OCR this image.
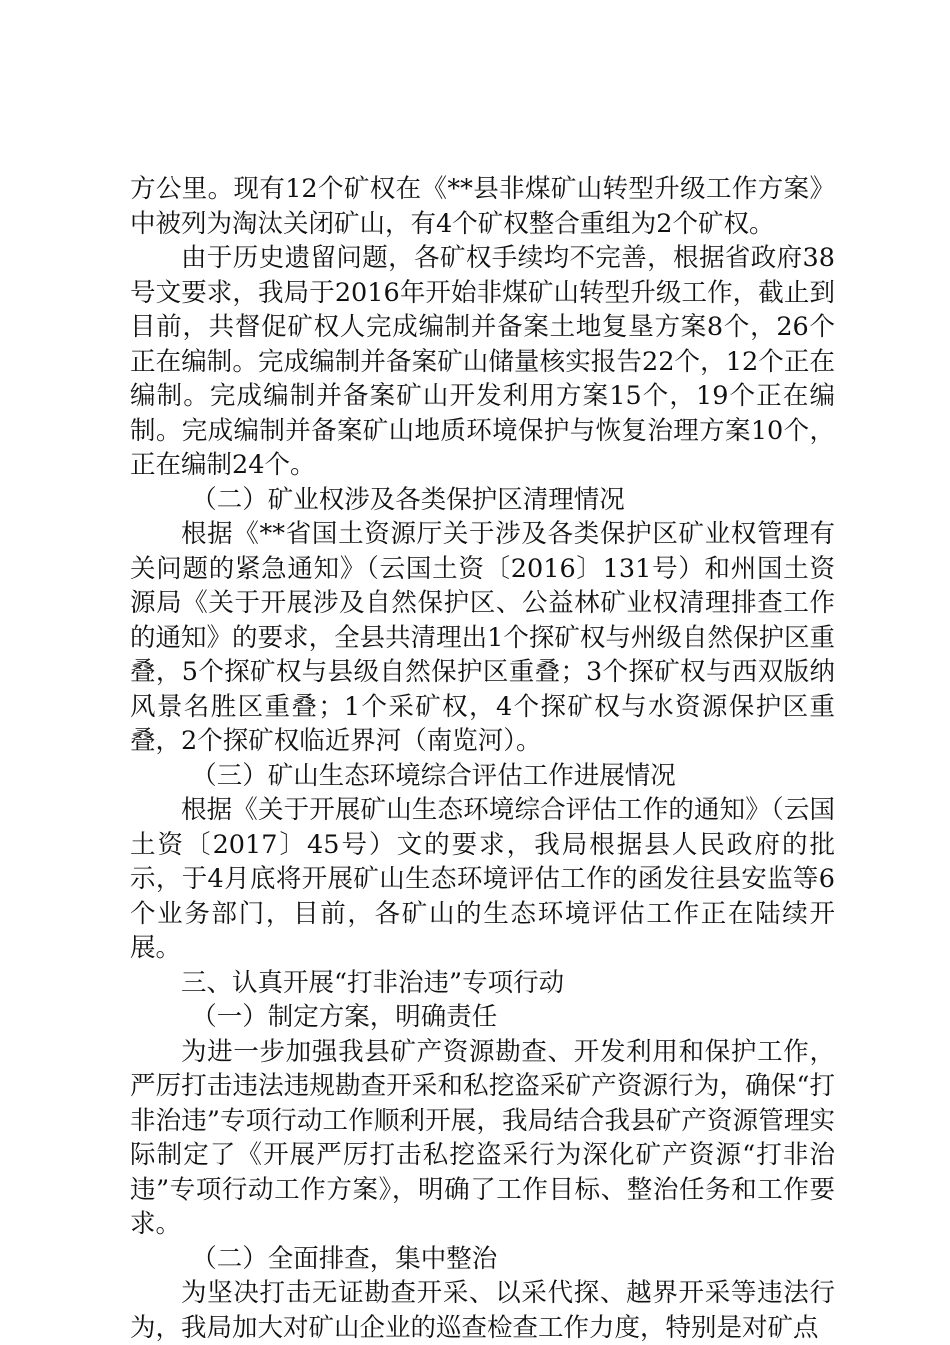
方公里。现有12个矿权在《**县非煤矿山转型升级工作方案》中被列为淘汰关闭矿山，有4个矿权整合重组为2个矿权。

由于历史遗留问题，各矿权手续均不完善，根据省政府38号文要求，我局于2016年开始非煤矿山转型升级工作，截止到目前，共督促矿权人完成编制并备案土地复垦方案8个，26个正在编制。完成编制并备案矿山储量核实报告22个，12个正在编制。完成编制并备案矿山开发利用方案15个，19个正在编制。完成编制并备案矿山地质环境保护与恢复治理方案10个，正在编制24个。

（二）矿业权涉及各类保护区清理情况

根据《**省国土资源厅关于涉及各类保护区矿业权管理有关问题的紧急通知》（云国土资〔2016〕131号）和州国土资源局《关于开展涉及自然保护区、公益林矿业权清理排查工作的通知》的要求，全县共清理出1个探矿权与州级自然保护区重叠，5个探矿权与县级自然保护区重叠；3个探矿权与西双版纳风景名胜区重叠；1个采矿权，4个探矿权与水资源保护区重叠，2个探矿权临近界河（南览河）。

（三）矿山生态环境综合评估工作进展情况

根据《关于开展矿山生态环境综合评估工作的通知》（云国土资〔2017〕45号）文的要求，我局根据县人民政府的批示，于4月底将开展矿山生态环境评估工作的函发往县安监等6个业务部门，目前，各矿山的生态环境评估工作正在陆续开展。

三、认真开展“打非治违”专项行动

（一）制定方案，明确责任

为进一步加强我县矿产资源勘查、开发利用和保护工作，严厉打击违法违规勘查开采和私挖盗采矿产资源行为，确保“打非治违”专项行动工作顺利开展，我局结合我县矿产资源管理实际制定了《开展严厉打击私挖盗采行为深化矿产资源“打非治违”专项行动工作方案》，明确了工作目标、整治任务和工作要求。

（二）全面排查，集中整治

为坚决打击无证勘查开采、以采代探、越界开采等违法行为，我局加大对矿山企业的巡查检查工作力度，特别是对矿点
